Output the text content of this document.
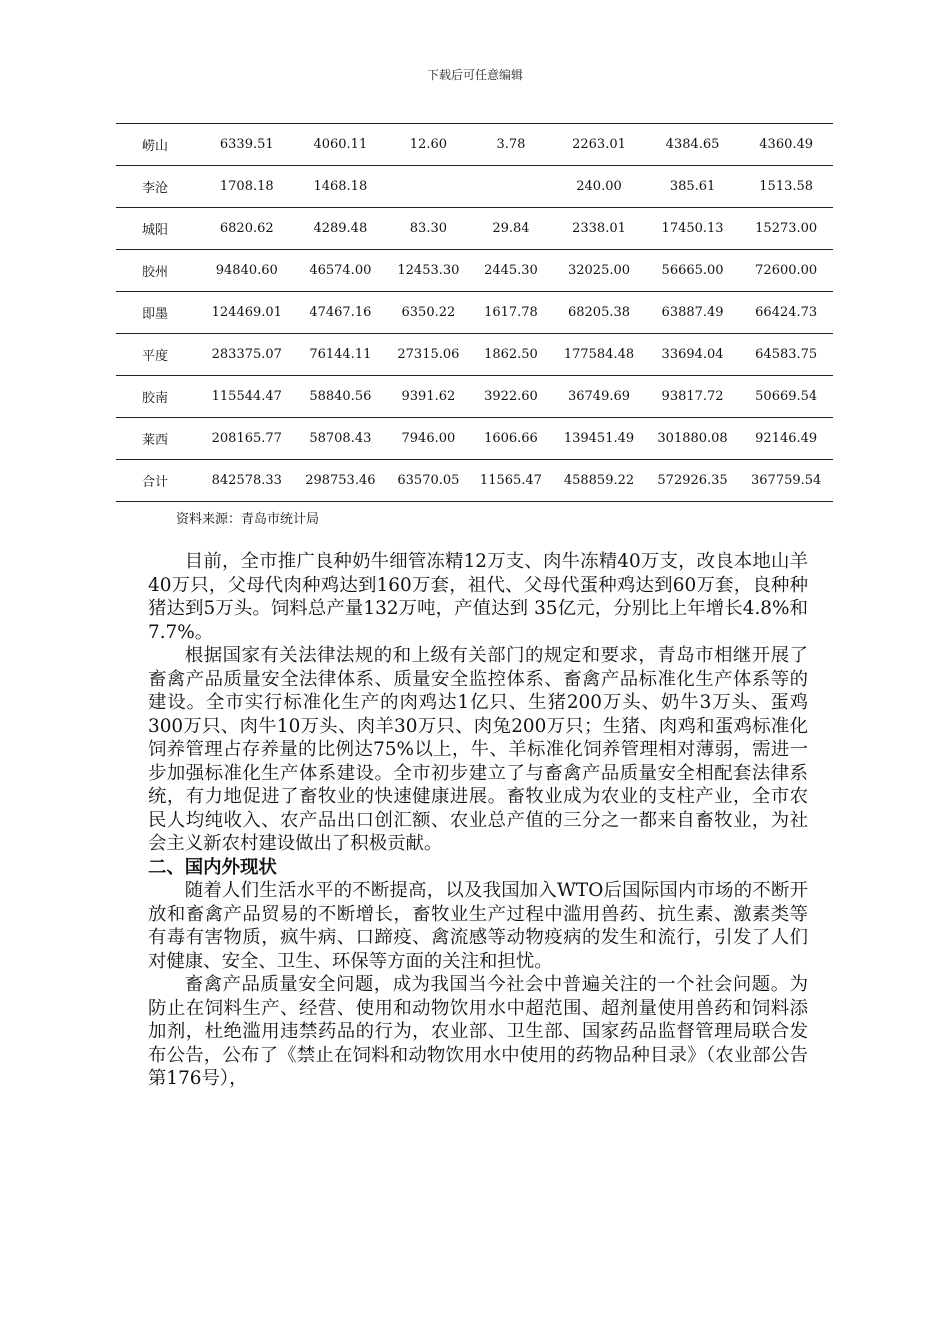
下载后可任意编辑
崂山	6339.51	4060.11	12.60	3.78	2263.01	4384.65	4360.49
李沧	1708.18	1468.18			240.00	385.61	1513.58
城阳	6820.62	4289.48	83.30	29.84	2338.01	17450.13	15273.00
胶州	94840.60	46574.00	12453.30	2445.30	32025.00	56665.00	72600.00
即墨	124469.01	47467.16	6350.22	1617.78	68205.38	63887.49	66424.73
平度	283375.07	76144.11	27315.06	1862.50	177584.48	33694.04	64583.75
胶南	115544.47	58840.56	9391.62	3922.60	36749.69	93817.72	50669.54
莱西	208165.77	58708.43	7946.00	1606.66	139451.49	301880.08	92146.49
合计	842578.33	298753.46	63570.05	11565.47	458859.22	572926.35	367759.54
资料来源：青岛市统计局

目前，全市推广良种奶牛细管冻精12万支、肉牛冻精40万支，改良本地山羊40万只，父母代肉种鸡达到160万套，祖代、父母代蛋种鸡达到60万套，良种种猪达到5万头。饲料总产量132万吨，产值达到 35亿元，分别比上年增长4.8%和7.7%。

根据国家有关法律法规的和上级有关部门的规定和要求，青岛市相继开展了畜禽产品质量安全法律体系、质量安全监控体系、畜禽产品标准化生产体系等的建设。全市实行标准化生产的肉鸡达1亿只、生猪200万头、奶牛3万头、蛋鸡300万只、肉牛10万头、肉羊30万只、肉兔200万只；生猪、肉鸡和蛋鸡标准化饲养管理占存养量的比例达75%以上，牛、羊标准化饲养管理相对薄弱，需进一步加强标准化生产体系建设。全市初步建立了与畜禽产品质量安全相配套法律系统，有力地促进了畜牧业的快速健康进展。畜牧业成为农业的支柱产业，全市农民人均纯收入、农产品出口创汇额、农业总产值的三分之一都来自畜牧业，为社会主义新农村建设做出了积极贡献。

二、国内外现状

随着人们生活水平的不断提高，以及我国加入WTO后国际国内市场的不断开放和畜禽产品贸易的不断增长，畜牧业生产过程中滥用兽药、抗生素、激素类等有毒有害物质，疯牛病、口蹄疫、禽流感等动物疫病的发生和流行，引发了人们对健康、安全、卫生、环保等方面的关注和担忧。

畜禽产品质量安全问题，成为我国当今社会中普遍关注的一个社会问题。为防止在饲料生产、经营、使用和动物饮用水中超范围、超剂量使用兽药和饲料添加剂，杜绝滥用违禁药品的行为，农业部、卫生部、国家药品监督管理局联合发布公告，公布了《禁止在饲料和动物饮用水中使用的药物品种目录》（农业部公告第176号），
